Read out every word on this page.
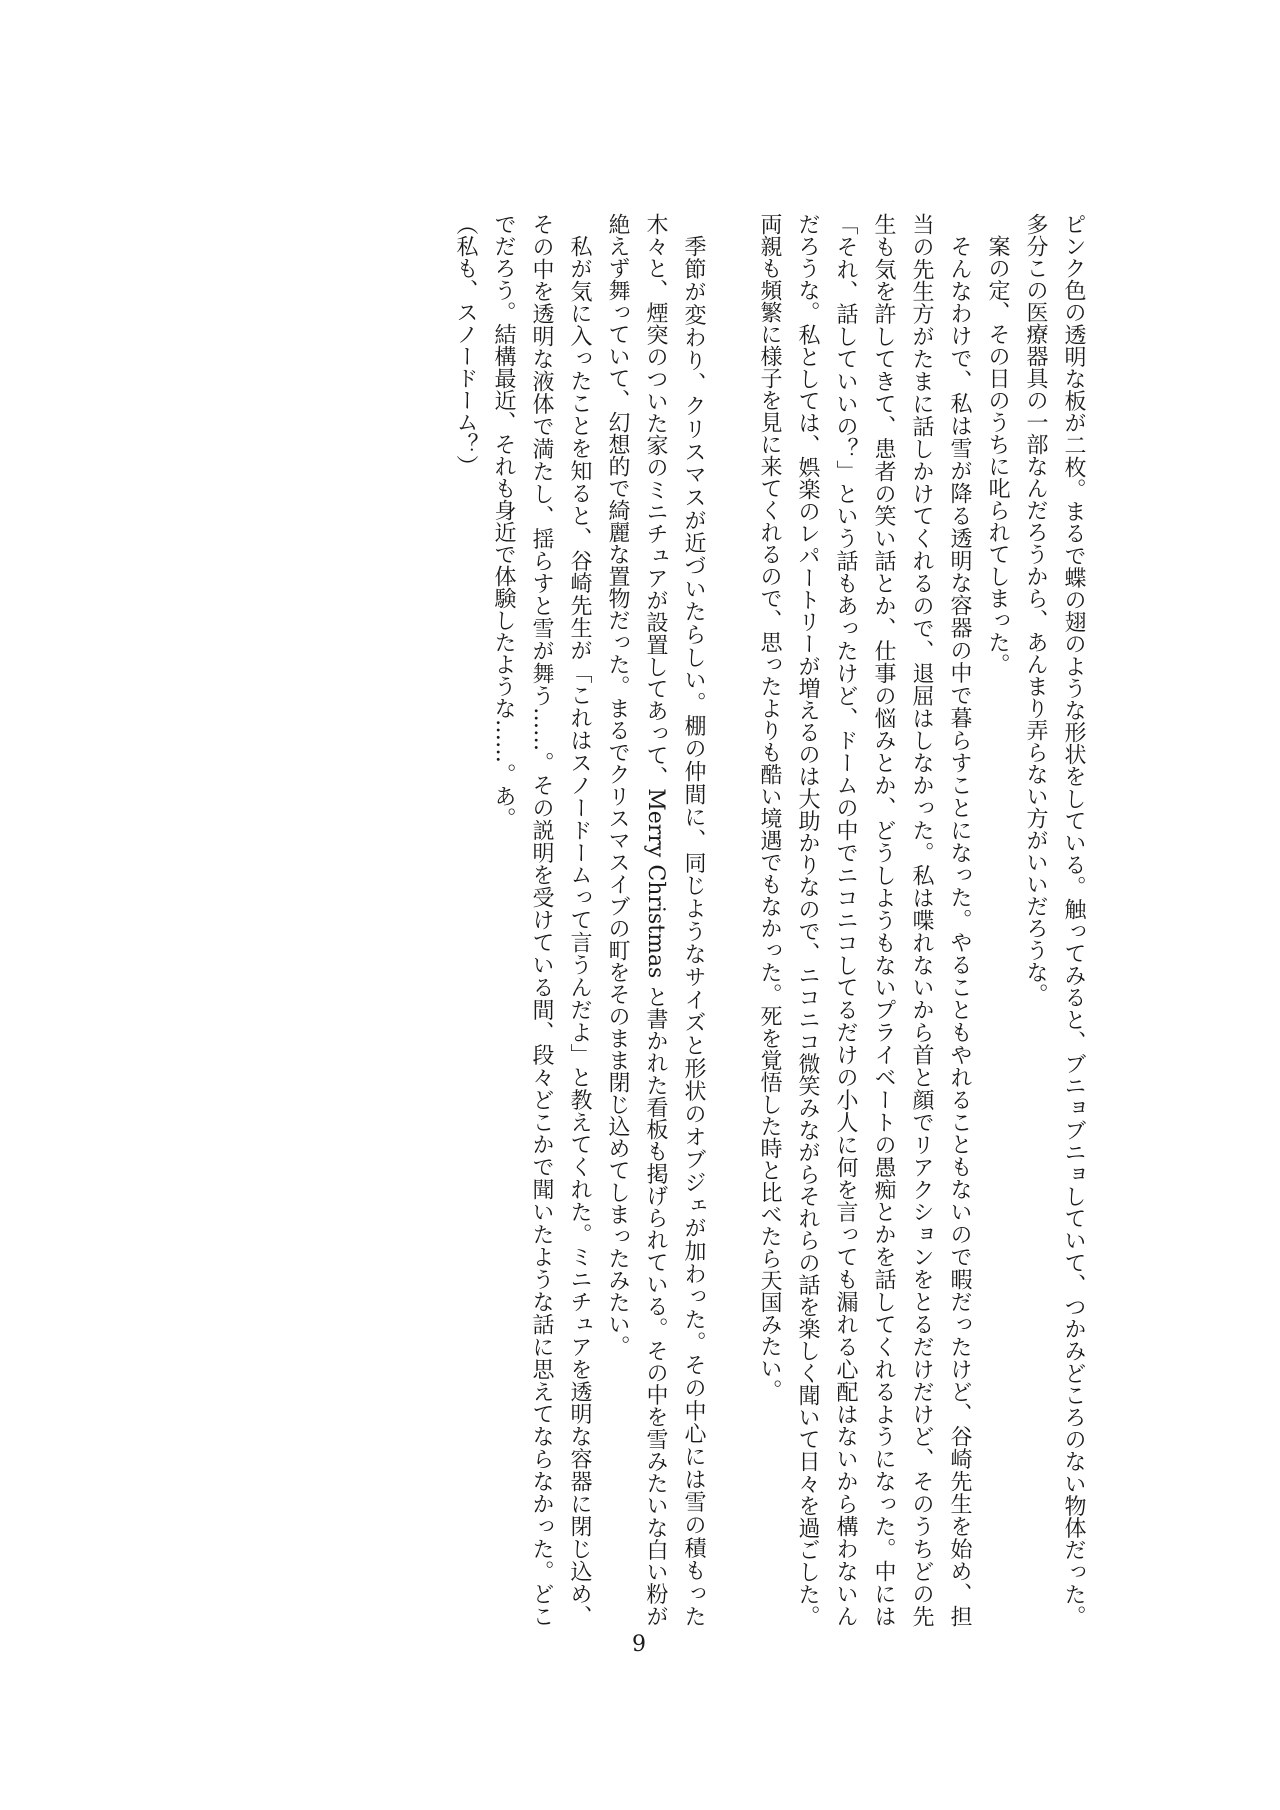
ピンク色の透明な板が二枚。まるで蝶の翅のような形状をしている。触ってみると、ブニョブニョしていて、つかみどころのない物体だった。
多分この医療器具の一部なんだろうから、あんまり弄らない方がいいだろうな。
案の定、その日のうちに叱られてしまった。
そんなわけで、私は雪が降る透明な容器の中で暮らすことになった。やることもやれることもないので暇だったけど、谷崎先生を始め、担
当の先生方がたまに話しかけてくれるので、退屈はしなかった。私は喋れないから首と顔でリアクションをとるだけだけど、そのうちどの先
生も気を許してきて、患者の笑い話とか、仕事の悩みとか、どうしようもないプライベートの愚痴とかを話してくれるようになった。中には
「それ、話していいの？」という話もあったけど、ドームの中でニコニコしてるだけの小人に何を言っても漏れる心配はないから構わないん
だろうな。私としては、娯楽のレパートリーが増えるのは大助かりなので、ニコニコ微笑みながらそれらの話を楽しく聞いて日々を過ごした。
両親も頻繁に様子を見に来てくれるので、思ったよりも酷い境遇でもなかった。死を覚悟した時と比べたら天国みたい。
季節が変わり、クリスマスが近づいたらしい。棚の仲間に、同じようなサイズと形状のオブジェが加わった。その中心には雪の積もった
木々と、煙突のついた家のミニチュアが設置してあって、Merry Christmas と書かれた看板も掲げられている。その中を雪みたいな白い粉が
絶えず舞っていて、幻想的で綺麗な置物だった。まるでクリスマスイブの町をそのまま閉じ込めてしまったみたい。
私が気に入ったことを知ると、谷崎先生が「これはスノードームって言うんだよ」と教えてくれた。ミニチュアを透明な容器に閉じ込め、
その中を透明な液体で満たし、揺らすと雪が舞う……。その説明を受けている間、段々どこかで聞いたような話に思えてならなかった。どこ
でだろう。結構最近、それも身近で体験したような……。あ。
（私も、スノードーム？）
9
